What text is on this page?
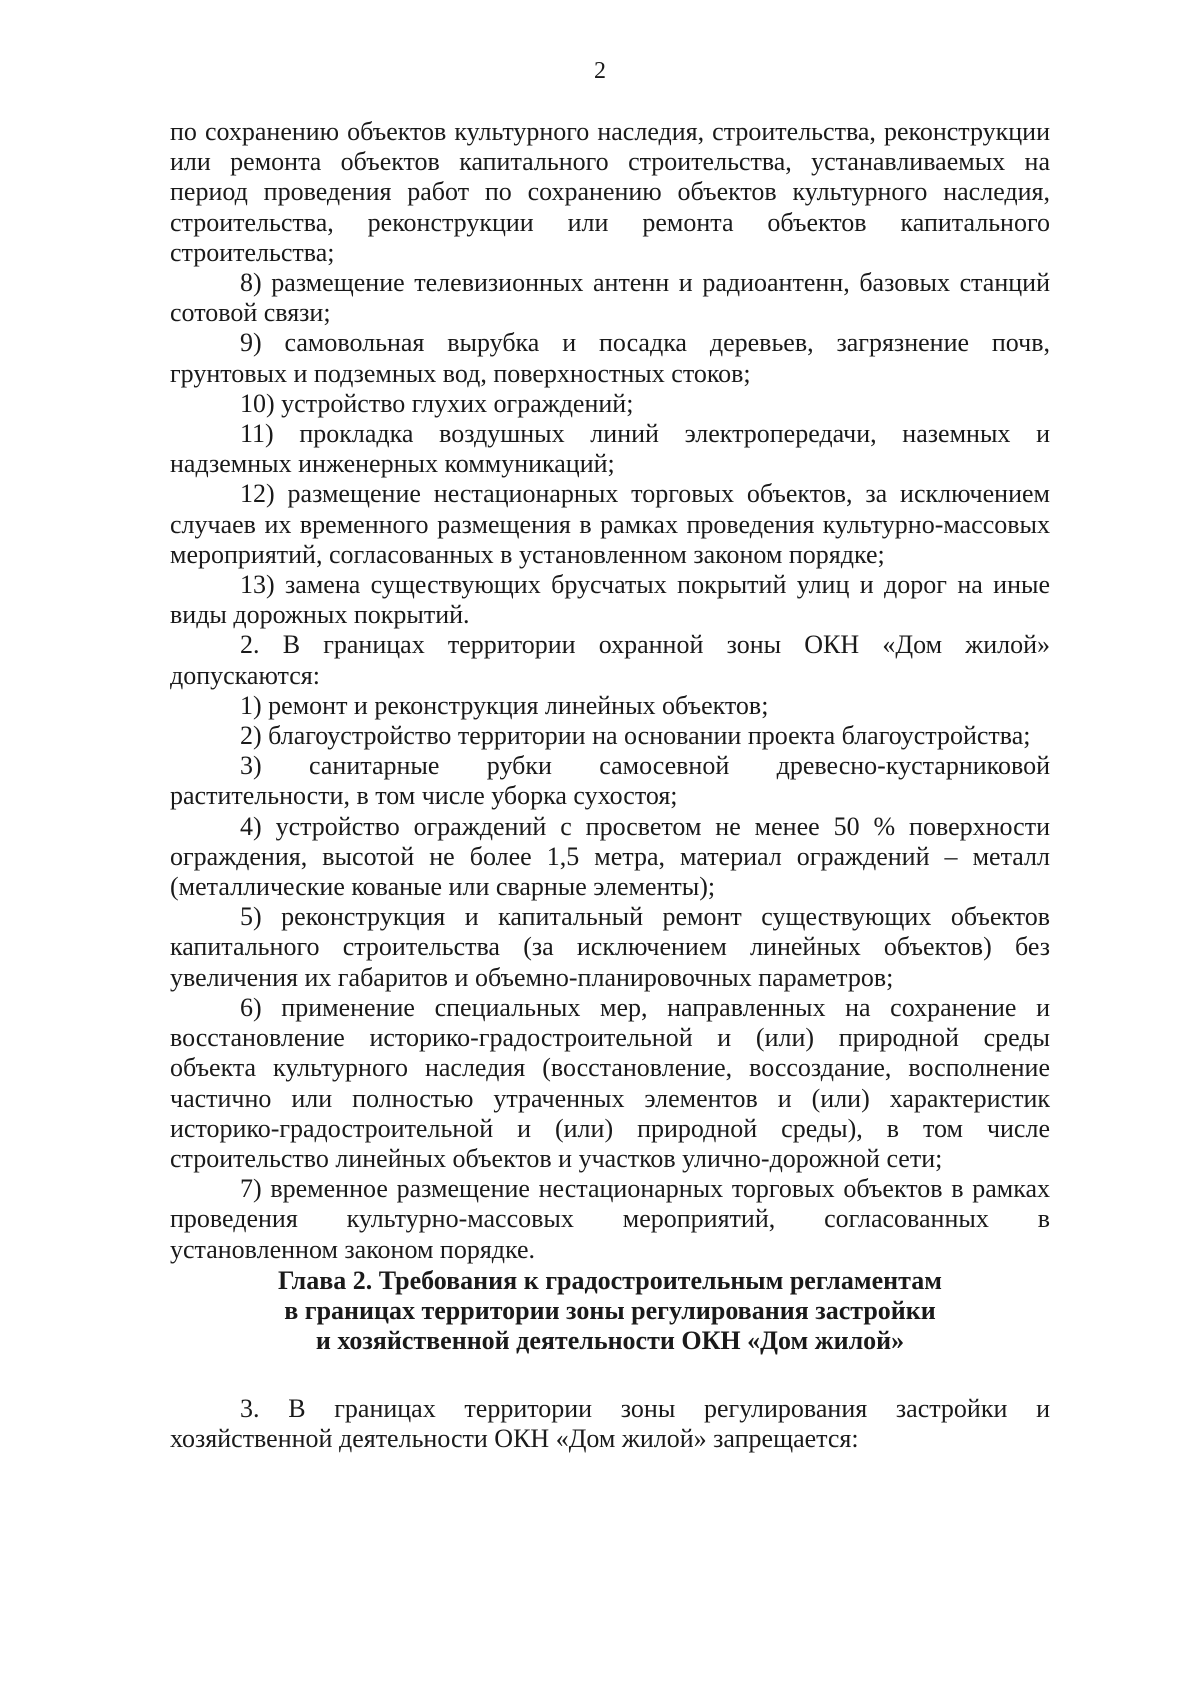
2

по сохранению объектов культурного наследия, строительства, реконструкции или ремонта объектов капитального строительства, устанавливаемых на период проведения работ по сохранению объектов культурного наследия, строительства, реконструкции или ремонта объектов капитального строительства;

8) размещение телевизионных антенн и радиоантенн, базовых станций сотовой связи;

9) самовольная вырубка и посадка деревьев, загрязнение почв, грунтовых и подземных вод, поверхностных стоков;

10) устройство глухих ограждений;

11) прокладка воздушных линий электропередачи, наземных и надземных инженерных коммуникаций;

12) размещение нестационарных торговых объектов, за исключением случаев их временного размещения в рамках проведения культурно-массовых мероприятий, согласованных в установленном законом порядке;

13) замена существующих брусчатых покрытий улиц и дорог на иные виды дорожных покрытий.

2. В границах территории охранной зоны ОКН «Дом жилой» допускаются:

1) ремонт и реконструкция линейных объектов;

2) благоустройство территории на основании проекта благоустройства;

3) санитарные рубки самосевной древесно-кустарниковой растительности, в том числе уборка сухостоя;

4) устройство ограждений с просветом не менее 50 % поверхности ограждения, высотой не более 1,5 метра, материал ограждений – металл (металлические кованые или сварные элементы);

5) реконструкция и капитальный ремонт существующих объектов капитального строительства (за исключением линейных объектов) без увеличения их габаритов и объемно-планировочных параметров;

6) применение специальных мер, направленных на сохранение и восстановление историко-градостроительной и (или) природной среды объекта культурного наследия (восстановление, воссоздание, восполнение частично или полностью утраченных элементов и (или) характеристик историко-градостроительной и (или) природной среды), в том числе строительство линейных объектов и участков улично-дорожной сети;

7) временное размещение нестационарных торговых объектов в рамках проведения культурно-массовых мероприятий, согласованных в установленном законом порядке.

Глава 2. Требования к градостроительным регламентам
в границах территории зоны регулирования застройки
и хозяйственной деятельности ОКН «Дом жилой»

3. В границах территории зоны регулирования застройки и хозяйственной деятельности ОКН «Дом жилой» запрещается:
